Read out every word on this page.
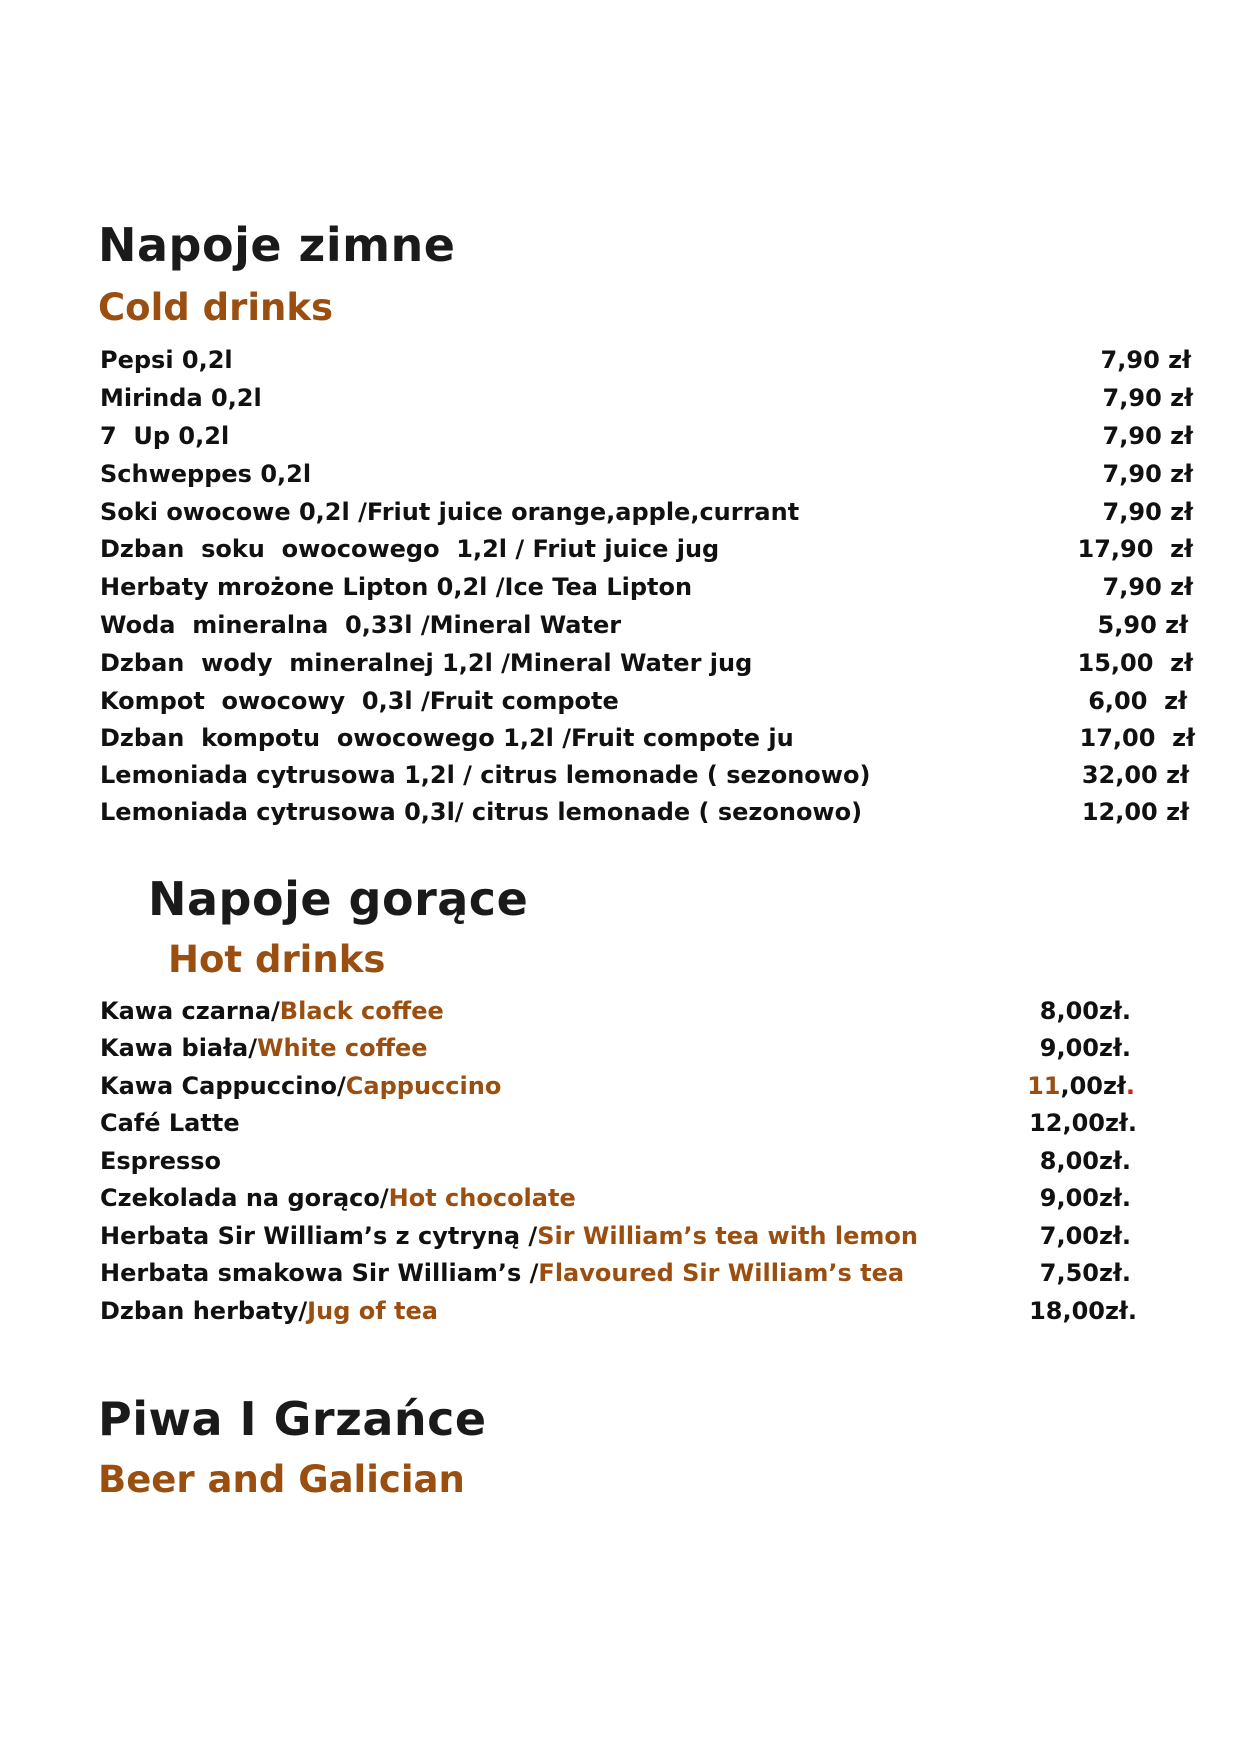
Napoje zimne
Cold drinks
Pepsi 0,2l	7,90 zł
Mirinda 0,2l	7,90 zł
7  Up 0,2l	7,90 zł
Schweppes 0,2l	7,90 zł
Soki owocowe 0,2l /Friut juice orange,apple,currant	7,90 zł
Dzban  soku  owocowego  1,2l / Friut juice jug	17,90  zł
Herbaty mrożone Lipton 0,2l /Ice Tea Lipton	7,90 zł
Woda  mineralna  0,33l /Mineral Water	5,90 zł
Dzban  wody  mineralnej 1,2l /Mineral Water jug	15,00  zł
Kompot  owocowy  0,3l /Fruit compote	6,00  zł
Dzban  kompotu  owocowego 1,2l /Fruit compote ju	17,00  zł
Lemoniada cytrusowa 1,2l / citrus lemonade ( sezonowo)	32,00 zł
Lemoniada cytrusowa 0,3l/ citrus lemonade ( sezonowo)	12,00 zł
Napoje gorące
Hot drinks
Kawa czarna/Black coffee	8,00zł.
Kawa biała/White coffee	9,00zł.
Kawa Cappuccino/Cappuccino	11,00zł.
Café Latte	12,00zł.
Espresso	8,00zł.
Czekolada na gorąco/Hot chocolate	9,00zł.
Herbata Sir William’s z cytryną /Sir William’s tea with lemon	7,00zł.
Herbata smakowa Sir William’s /Flavoured Sir William’s tea	7,50zł.
Dzban herbaty/Jug of tea	18,00zł.
Piwa I Grzańce
Beer and Galician
